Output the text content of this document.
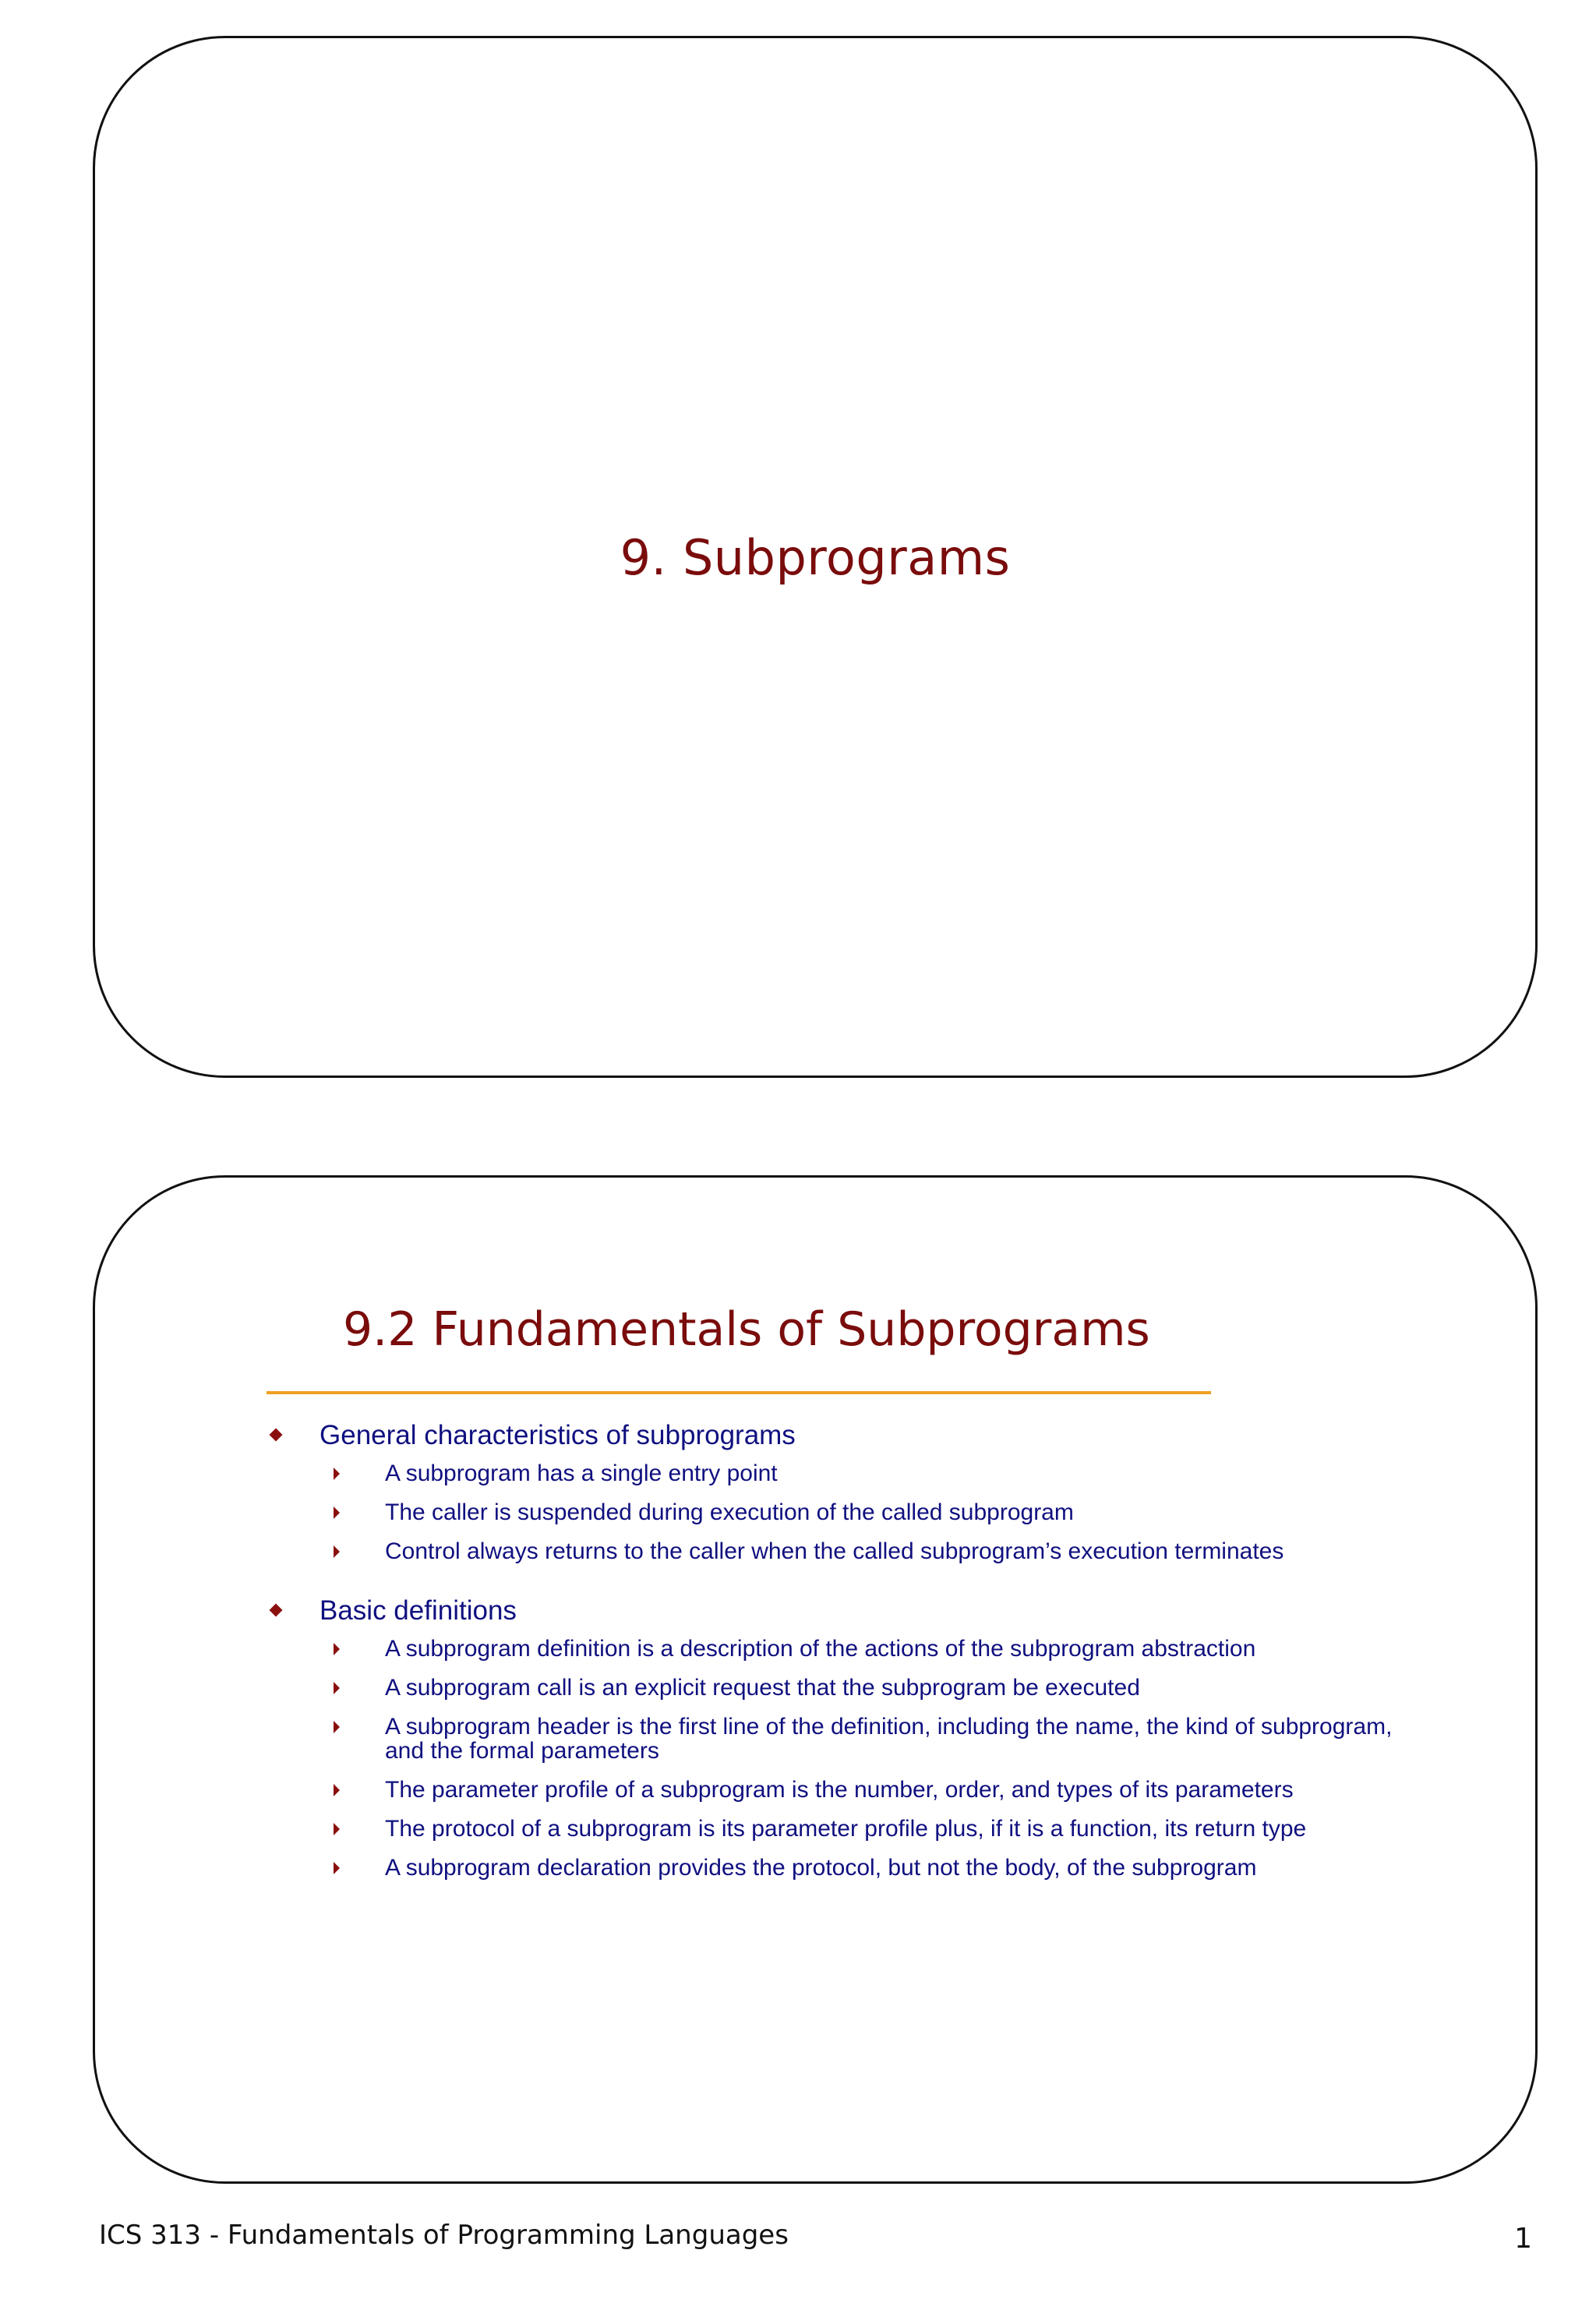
9. Subprograms
9.2 Fundamentals of Subprograms
General characteristics of subprograms
A subprogram has a single entry point
The caller is suspended during execution of the called subprogram
Control always returns to the caller when the called subprogram’s execution terminates
Basic definitions
A subprogram definition is a description of the actions of the subprogram abstraction
A subprogram call is an explicit request that the subprogram be executed
A subprogram header is the first line of the definition, including the name, the kind of subprogram, and the formal parameters
The parameter profile of a subprogram is the number, order, and types of its parameters
The protocol of a subprogram is its parameter profile plus, if it is a function, its return type
A subprogram declaration provides the protocol, but not the body, of the subprogram
ICS 313 - Fundamentals of Programming Languages	1
